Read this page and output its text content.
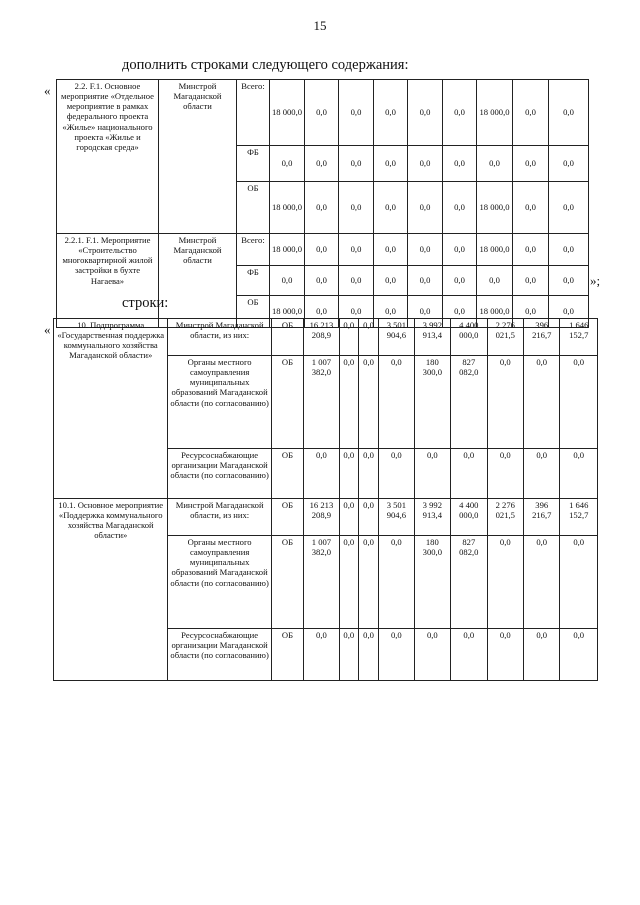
15
дополнить строками следующего содержания:
«	2.2. F.1. Основное мероприятие «Отдельное мероприятие в рамках федерального проекта «Жилье» национального проекта «Жилье и городская среда»	Минстрой Магаданской области	Всего:	18 000,0	0,0	0,0	0,0	0,0	0,0	18 000,0	0,0	0,0
		ФБ	0,0	0,0	0,0	0,0	0,0	0,0	0,0	0,0	0,0
		ОБ	18 000,0	0,0	0,0	0,0	0,0	0,0	18 000,0	0,0	0,0
2.2.1. F.1. Мероприятие «Строительство многоквартирной жилой застройки в бухте Нагаева»	Минстрой Магаданской области	Всего:	18 000,0	0,0	0,0	0,0	0,0	0,0	18 000,0	0,0	0,0
		ФБ	0,0	0,0	0,0	0,0	0,0	0,0	0,0	0,0	0,0
		ОБ	18 000,0	0,0	0,0	0,0	0,0	0,0	18 000,0	0,0	0,0
»;
строки:
«	10. Подпрограмма «Государственная поддержка коммунального хозяйства Магаданской области»	Минстрой Магаданской области, из них:	ОБ	16 213 208,9	0,0	0,0	3 501 904,6	3 992 913,4	4 400 000,0	2 276 021,5	396 216,7	1 646 152,7
	Органы местного самоуправления муниципальных образований Магаданской области (по согласованию)	ОБ	1 007 382,0	0,0	0,0	0,0	180 300,0	827 082,0	0,0	0,0	0,0
	Ресурсоснабжающие организации Магаданской области (по согласованию)	ОБ	0,0	0,0	0,0	0,0	0,0	0,0	0,0	0,0	0,0
10.1. Основное мероприятие «Поддержка коммунального хозяйства Магаданской области»	Минстрой Магаданской области, из них:	ОБ	16 213 208,9	0,0	0,0	3 501 904,6	3 992 913,4	4 400 000,0	2 276 021,5	396 216,7	1 646 152,7
	Органы местного самоуправления муниципальных образований Магаданской области (по согласованию)	ОБ	1 007 382,0	0,0	0,0	0,0	180 300,0	827 082,0	0,0	0,0	0,0
	Ресурсоснабжающие организации Магаданской области (по согласованию)	ОБ	0,0	0,0	0,0	0,0	0,0	0,0	0,0	0,0	0,0
